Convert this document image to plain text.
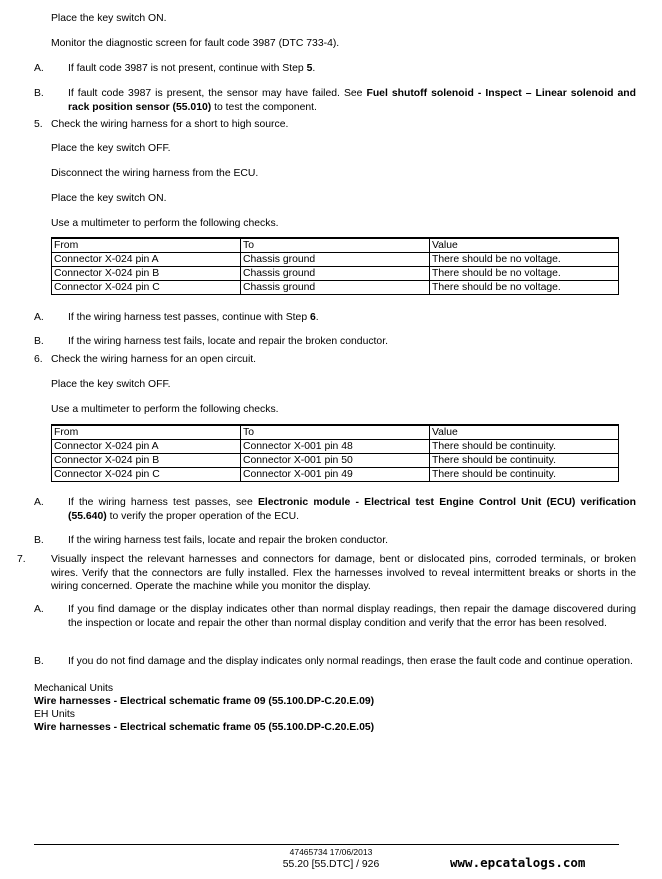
Place the key switch ON.
Monitor the diagnostic screen for fault code 3987 (DTC 733-4).
A. If fault code 3987 is not present, continue with Step 5.
B. If fault code 3987 is present, the sensor may have failed. See Fuel shutoff solenoid - Inspect – Linear solenoid and rack position sensor (55.010) to test the component.
5. Check the wiring harness for a short to high source.
Place the key switch OFF.
Disconnect the wiring harness from the ECU.
Place the key switch ON.
Use a multimeter to perform the following checks.
From	To	Value
Connector X-024 pin A	Chassis ground	There should be no voltage.
Connector X-024 pin B	Chassis ground	There should be no voltage.
Connector X-024 pin C	Chassis ground	There should be no voltage.
A. If the wiring harness test passes, continue with Step 6.
B. If the wiring harness test fails, locate and repair the broken conductor.
6. Check the wiring harness for an open circuit.
Place the key switch OFF.
Use a multimeter to perform the following checks.
From	To	Value
Connector X-024 pin A	Connector X-001 pin 48	There should be continuity.
Connector X-024 pin B	Connector X-001 pin 50	There should be continuity.
Connector X-024 pin C	Connector X-001 pin 49	There should be continuity.
A. If the wiring harness test passes, see Electronic module - Electrical test Engine Control Unit (ECU) verification (55.640) to verify the proper operation of the ECU.
B. If the wiring harness test fails, locate and repair the broken conductor.
7. Visually inspect the relevant harnesses and connectors for damage, bent or dislocated pins, corroded terminals, or broken wires. Verify that the connectors are fully installed. Flex the harnesses involved to reveal intermittent breaks or shorts in the wiring concerned. Operate the machine while you monitor the display.
A. If you find damage or the display indicates other than normal display readings, then repair the damage discovered during the inspection or locate and repair the other than normal display condition and verify that the error has been resolved.
B. If you do not find damage and the display indicates only normal readings, then erase the fault code and continue operation.
Mechanical Units
Wire harnesses - Electrical schematic frame 09 (55.100.DP-C.20.E.09)
EH Units
Wire harnesses - Electrical schematic frame 05 (55.100.DP-C.20.E.05)
47465734 17/06/2013
55.20 [55.DTC] / 926	www.epcatalogs.com
